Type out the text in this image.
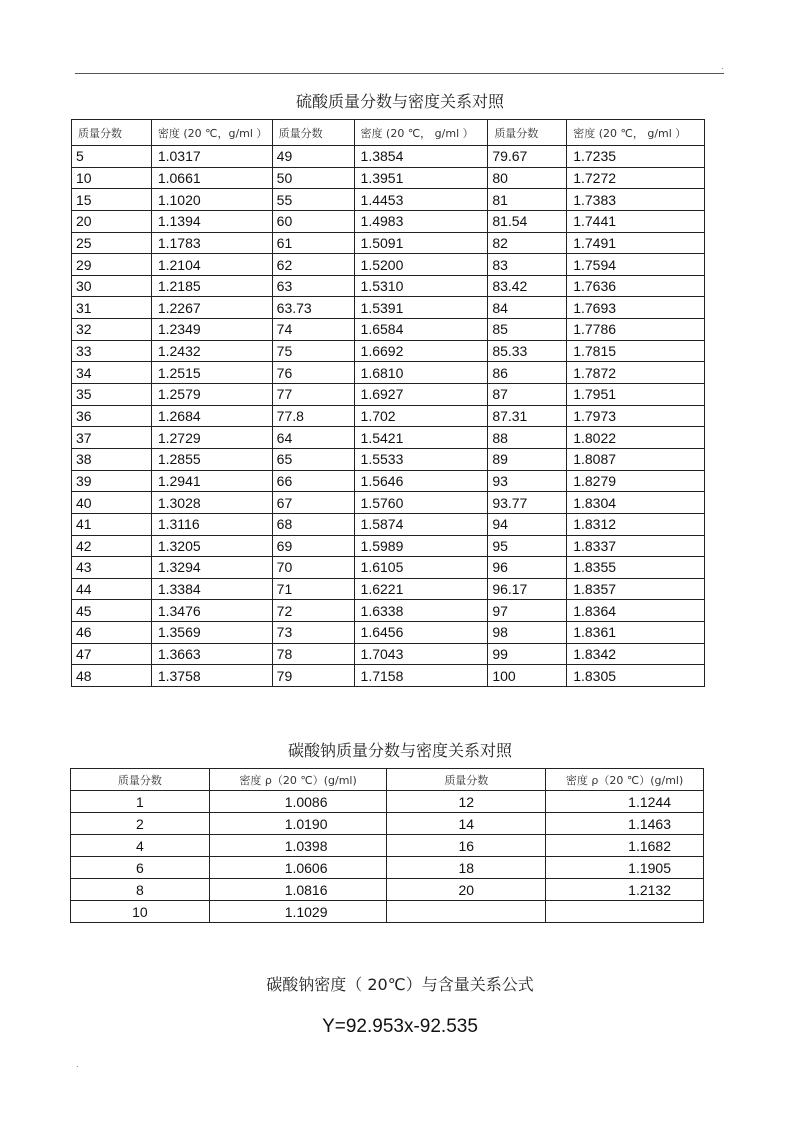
.
.
硫酸质量分数与密度关系对照
质量分数	密度 (20 ℃，g/ml ）	质量分数	密度 (20 ℃， g/ml ）	质量分数	密度 (20 ℃， g/ml ）
5	1.0317	49	1.3854	79.67	1.7235
10	1.0661	50	1.3951	80	1.7272
15	1.1020	55	1.4453	81	1.7383
20	1.1394	60	1.4983	81.54	1.7441
25	1.1783	61	1.5091	82	1.7491
29	1.2104	62	1.5200	83	1.7594
30	1.2185	63	1.5310	83.42	1.7636
31	1.2267	63.73	1.5391	84	1.7693
32	1.2349	74	1.6584	85	1.7786
33	1.2432	75	1.6692	85.33	1.7815
34	1.2515	76	1.6810	86	1.7872
35	1.2579	77	1.6927	87	1.7951
36	1.2684	77.8	1.702	87.31	1.7973
37	1.2729	64	1.5421	88	1.8022
38	1.2855	65	1.5533	89	1.8087
39	1.2941	66	1.5646	93	1.8279
40	1.3028	67	1.5760	93.77	1.8304
41	1.3116	68	1.5874	94	1.8312
42	1.3205	69	1.5989	95	1.8337
43	1.3294	70	1.6105	96	1.8355
44	1.3384	71	1.6221	96.17	1.8357
45	1.3476	72	1.6338	97	1.8364
46	1.3569	73	1.6456	98	1.8361
47	1.3663	78	1.7043	99	1.8342
48	1.3758	79	1.7158	100	1.8305
碳酸钠质量分数与密度关系对照
质量分数	密度 ρ（20 ℃）(g/ml)	质量分数	密度 ρ（20 ℃）(g/ml)
1	1.0086	12	1.1244
2	1.0190	14	1.1463
4	1.0398	16	1.1682
6	1.0606	18	1.1905
8	1.0816	20	1.2132
10	1.1029		
碳酸钠密度（ 20℃）与含量关系公式
Y=92.953x-92.535
